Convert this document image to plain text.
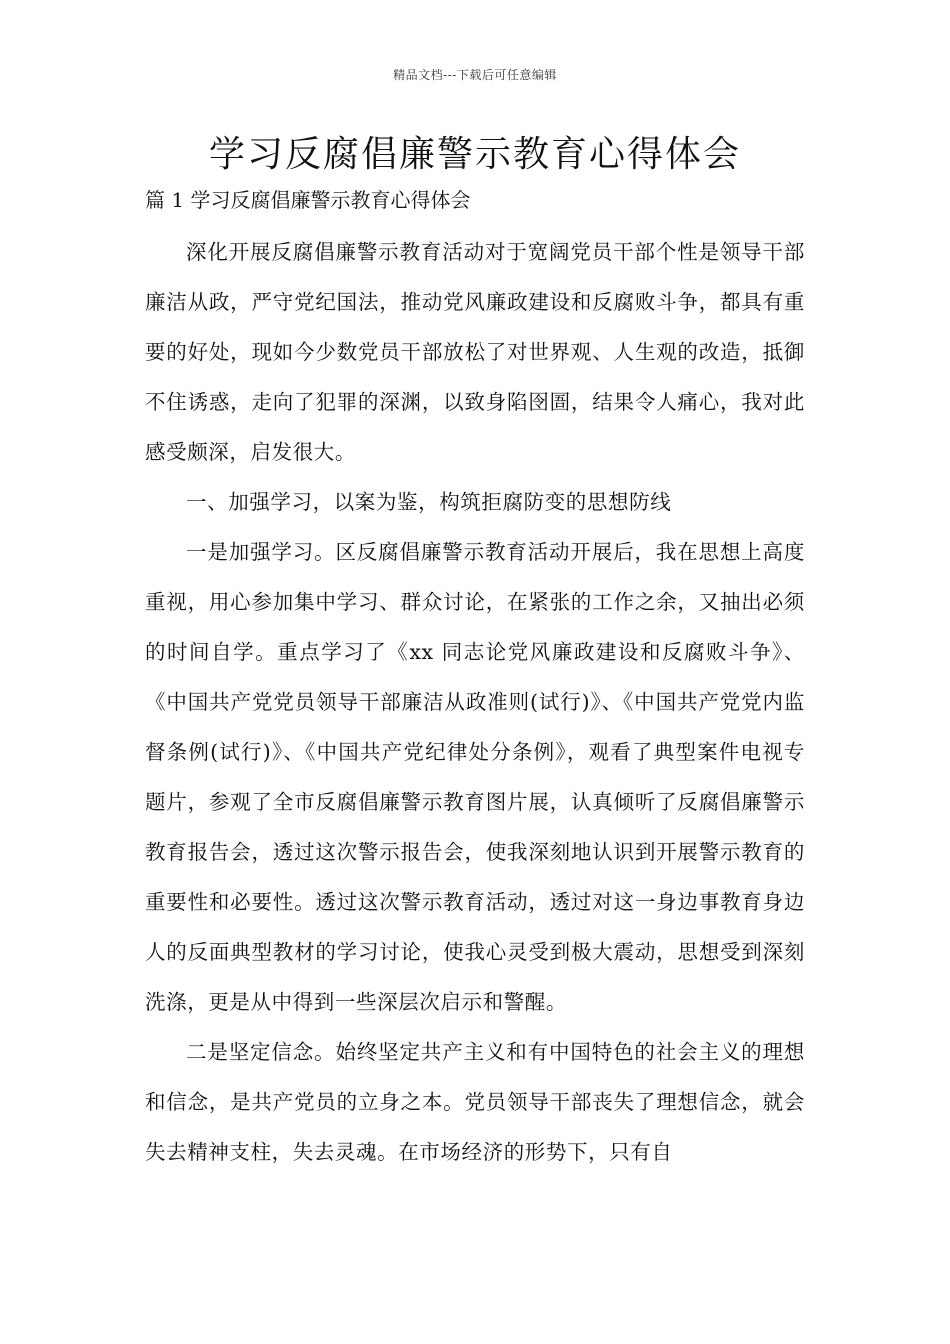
精品文档---下载后可任意编辑
学习反腐倡廉警示教育心得体会

篇 1 学习反腐倡廉警示教育心得体会

深化开展反腐倡廉警示教育活动对于宽阔党员干部个性是领导干部廉洁从政，严守党纪国法，推动党风廉政建设和反腐败斗争，都具有重要的好处，现如今少数党员干部放松了对世界观、人生观的改造，抵御不住诱惑，走向了犯罪的深渊，以致身陷囹圄，结果令人痛心，我对此感受颇深，启发很大。

一、加强学习，以案为鉴，构筑拒腐防变的思想防线

一是加强学习。区反腐倡廉警示教育活动开展后，我在思想上高度重视，用心参加集中学习、群众讨论，在紧张的工作之余，又抽出必须的时间自学。重点学习了《xx 同志论党风廉政建设和反腐败斗争》、《中国共产党党员领导干部廉洁从政准则(试行)》、《中国共产党党内监督条例(试行)》、《中国共产党纪律处分条例》，观看了典型案件电视专题片，参观了全市反腐倡廉警示教育图片展，认真倾听了反腐倡廉警示教育报告会，透过这次警示报告会，使我深刻地认识到开展警示教育的重要性和必要性。透过这次警示教育活动，透过对这一身边事教育身边人的反面典型教材的学习讨论，使我心灵受到极大震动，思想受到深刻洗涤，更是从中得到一些深层次启示和警醒。

二是坚定信念。始终坚定共产主义和有中国特色的社会主义的理想和信念，是共产党员的立身之本。党员领导干部丧失了理想信念，就会失去精神支柱，失去灵魂。在市场经济的形势下，只有自
